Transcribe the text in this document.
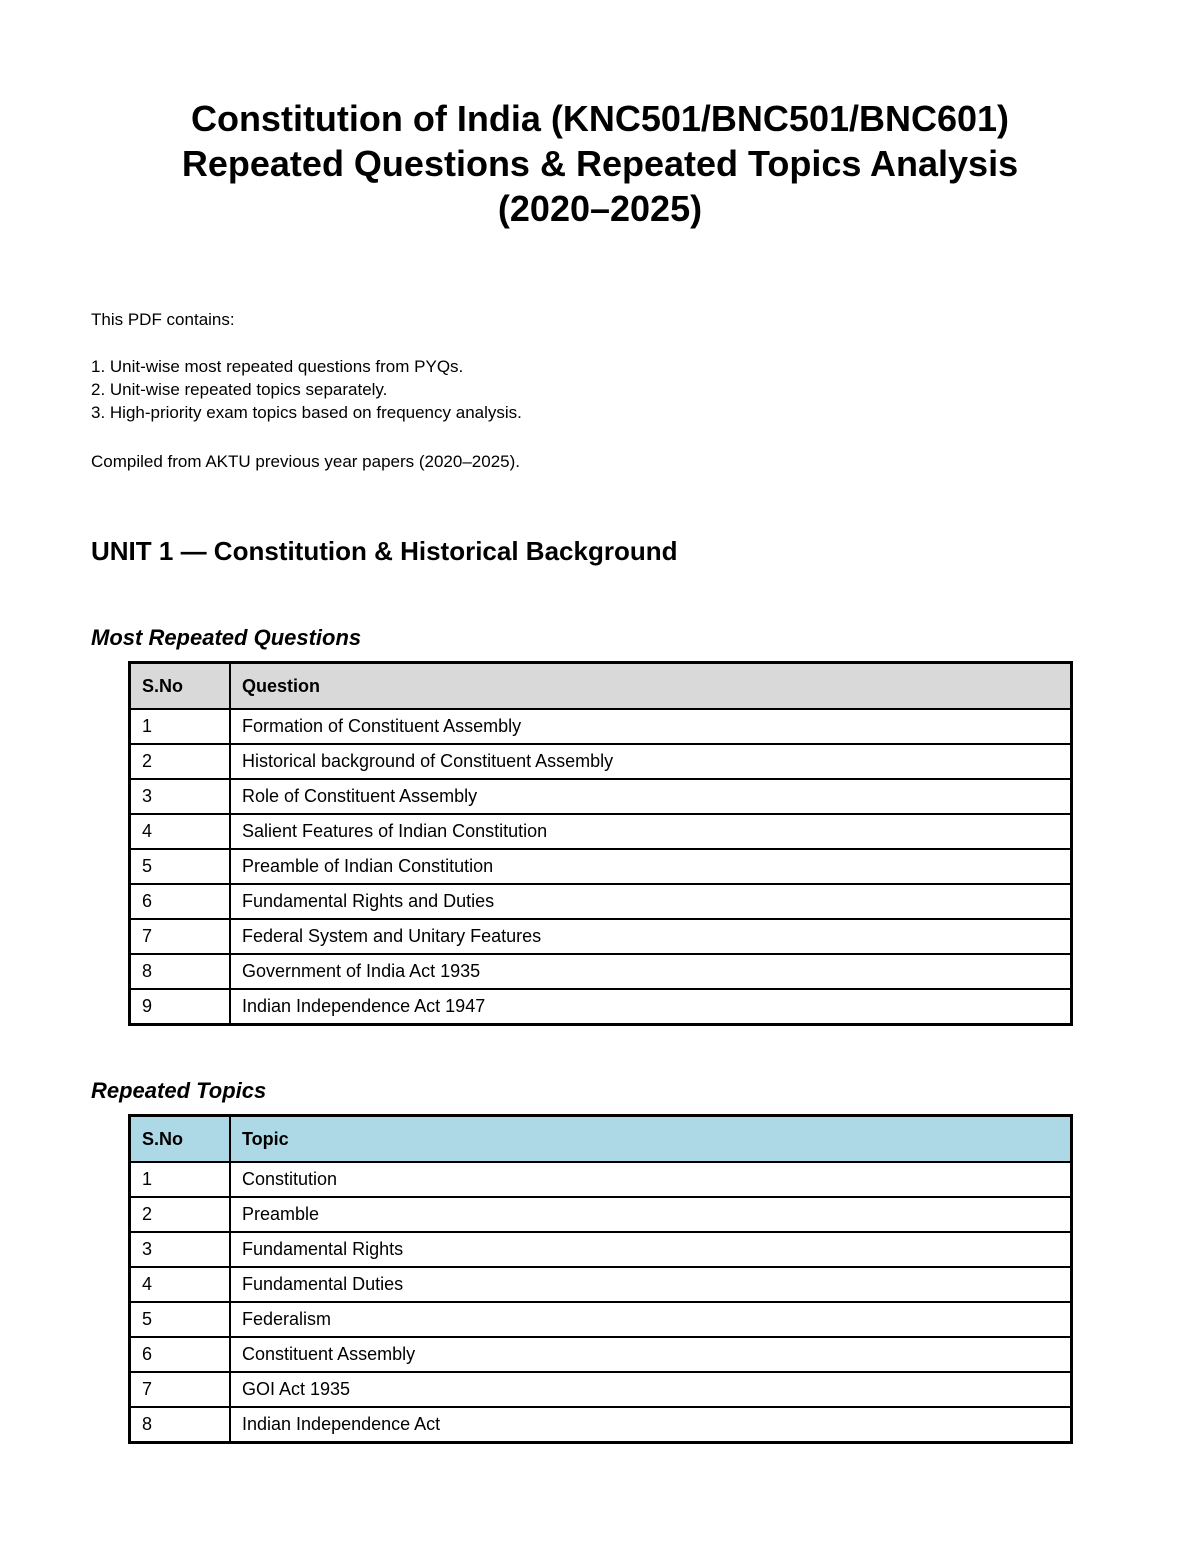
Constitution of India (KNC501/BNC501/BNC601)
Repeated Questions & Repeated Topics Analysis
(2020–2025)
This PDF contains:
1. Unit-wise most repeated questions from PYQs.
2. Unit-wise repeated topics separately.
3. High-priority exam topics based on frequency analysis.
Compiled from AKTU previous year papers (2020–2025).
UNIT 1 — Constitution & Historical Background
Most Repeated Questions
S.No	Question
1	Formation of Constituent Assembly
2	Historical background of Constituent Assembly
3	Role of Constituent Assembly
4	Salient Features of Indian Constitution
5	Preamble of Indian Constitution
6	Fundamental Rights and Duties
7	Federal System and Unitary Features
8	Government of India Act 1935
9	Indian Independence Act 1947
Repeated Topics
S.No	Topic
1	Constitution
2	Preamble
3	Fundamental Rights
4	Fundamental Duties
5	Federalism
6	Constituent Assembly
7	GOI Act 1935
8	Indian Independence Act
